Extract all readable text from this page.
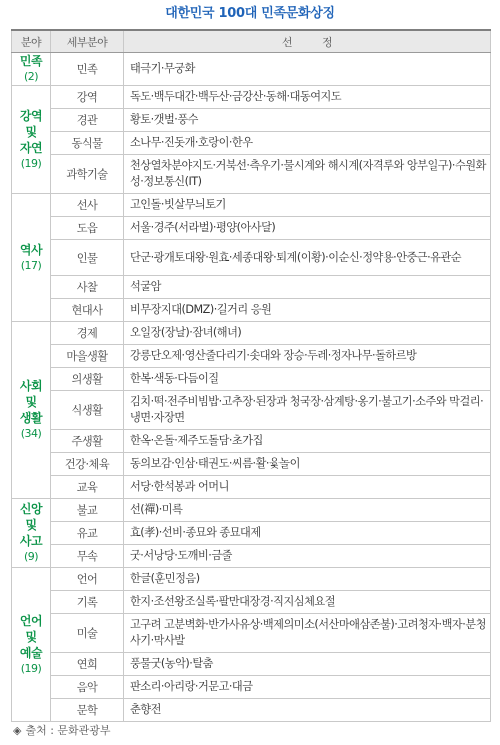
대한민국 100대 민족문화상징
분야	세부분야	선          정

민족
(2)	민족	태극기·무궁화

강역
및
자연
(19)	강역	독도·백두대간·백두산·금강산·동해·대동여지도
	경관	황토·갯벌·풍수
	동식물	소나무·진돗개·호랑이·한우
	과학기술	천상열차분야지도·거북선·측우기·물시계와 해시계(자격루와 앙부일구)·수원화성·정보통신(IT)

역사
(17)	선사	고인돌·빗살무늬토기
	도읍	서울·경주(서라벌)·평양(아사달)
	인물	단군·광개토대왕·원효·세종대왕·퇴계(이황)·이순신·정약용·안중근·유관순
	사찰	석굴암
	현대사	비무장지대(DMZ)·길거리 응원

사회
및
생활
(34)	경제	오일장(장날)·잠녀(해녀)
	마을생활	강릉단오제·영산줄다리기·솟대와 장승·두레·정자나무·돌하르방
	의생활	한복·색동·다듬이질
	식생활	김치·떡·전주비빔밥·고추장·된장과 청국장·삼계탕·옹기·불고기·소주와 막걸리·냉면·자장면
	주생활	한옥·온돌·제주도돌담·초가집
	건강·체육	동의보감·인삼·태권도·씨름·활·윷놀이
	교육	서당·한석봉과 어머니

신앙
및
사고
(9)	불교	선(禪)·미륵
	유교	효(孝)·선비·종묘와 종묘대제
	무속	굿·서낭당·도깨비·금줄

언어
및
예술
(19)	언어	한글(훈민정음)
	기록	한지·조선왕조실록·팔만대장경·직지심체요절
	미술	고구려 고분벽화·반가사유상·백제의미소(서산마애삼존불)·고려청자·백자·분청사기·막사발
	연희	풍물굿(농악)·탈춤
	음악	판소리·아리랑·거문고·대금
	문학	춘향전
◈ 출처 : 문화관광부
